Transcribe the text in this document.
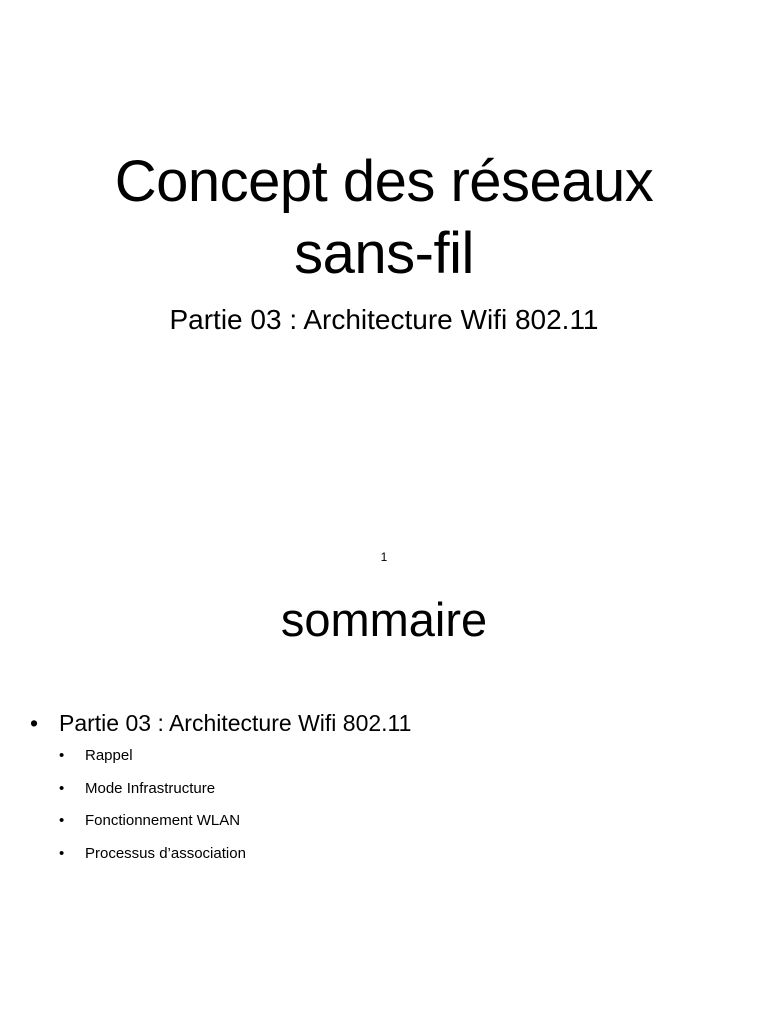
Concept des réseaux
sans-fil
Partie 03 : Architecture Wifi 802.11
1
sommaire
• Partie 03 : Architecture Wifi 802.11
• Rappel
• Mode Infrastructure
• Fonctionnement WLAN
• Processus d’association
